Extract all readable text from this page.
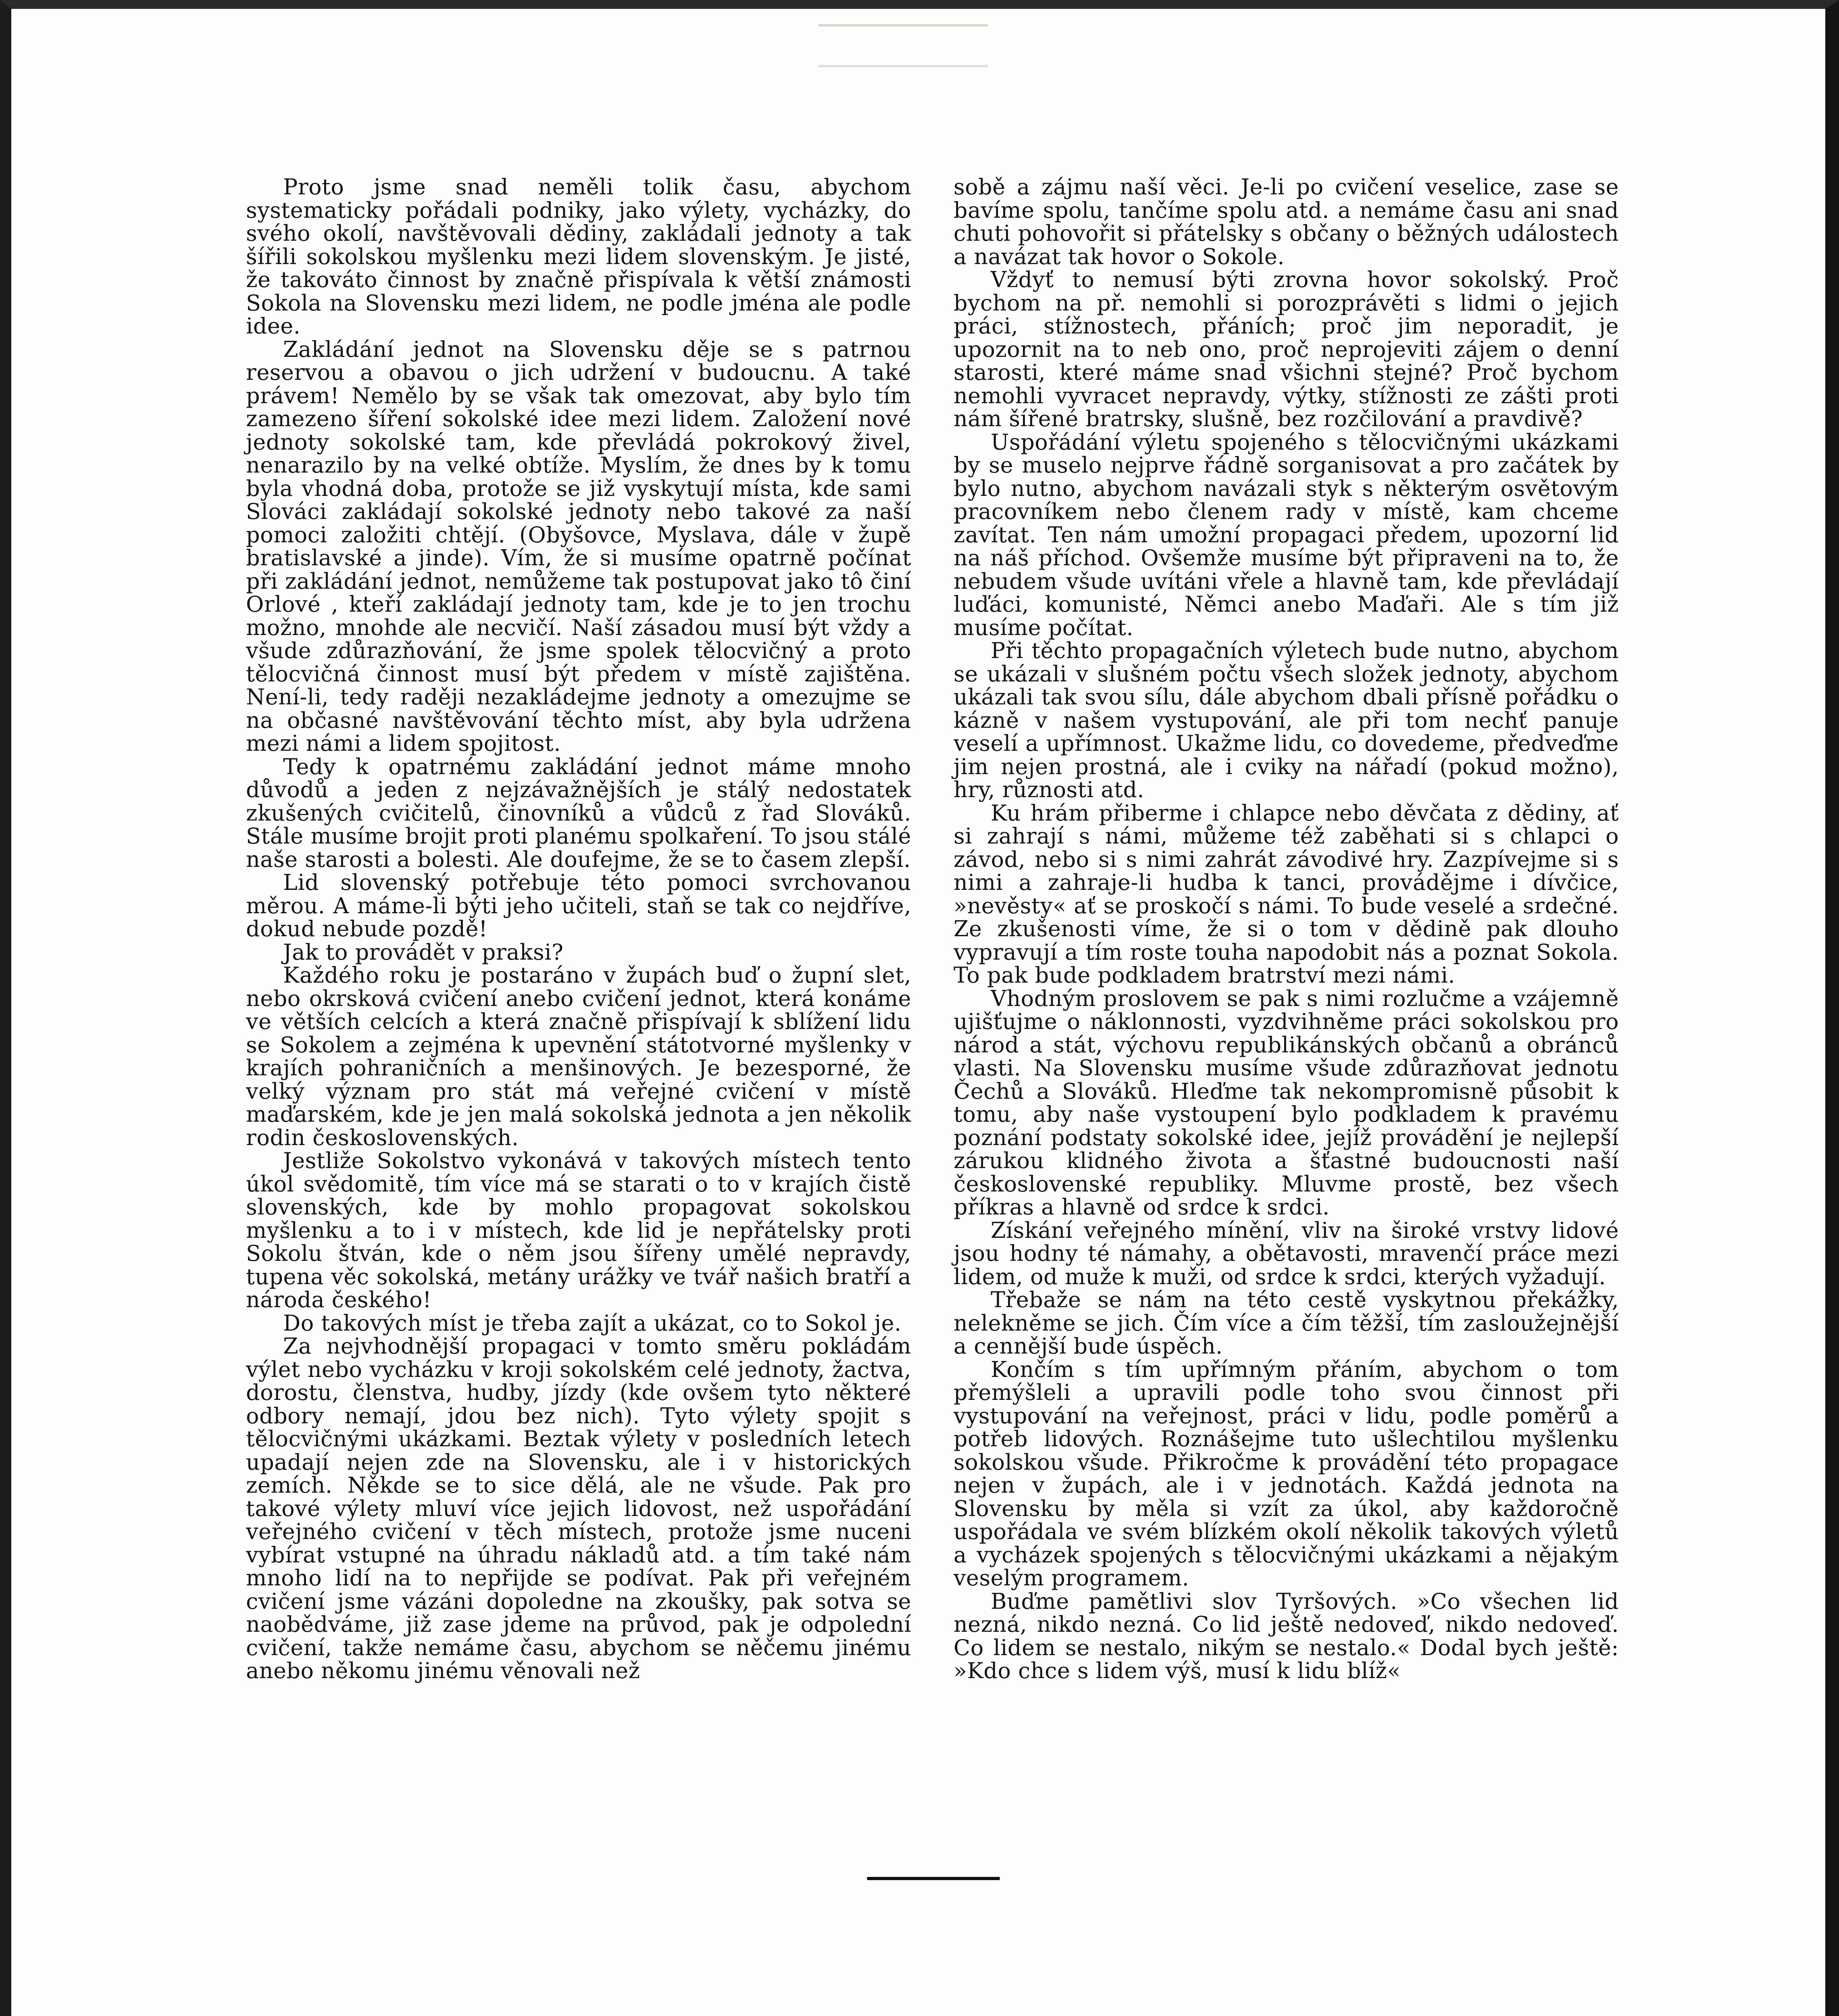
Proto jsme snad neměli tolik času, abychom systematicky pořádali podniky, jako výlety, vycházky, do svého okolí, navštěvovali dědiny, zakládali jednoty a tak šířili sokolskou myšlenku mezi lidem slovenským. Je jisté, že takováto činnost by značně přispívala k větší známosti Sokola na Slovensku mezi lidem, ne podle jména ale podle idee.

Zakládání jednot na Slovensku děje se s patrnou reservou a obavou o jich udržení v budoucnu. A také právem! Nemělo by se však tak omezovat, aby bylo tím zamezeno šíření sokolské idee mezi lidem. Založení nové jednoty sokolské tam, kde převládá pokrokový živel, nenarazilo by na velké obtíže. Myslím, že dnes by k tomu byla vhodná doba, protože se již vyskytují místa, kde sami Slováci zakládají sokolské jednoty nebo takové za naší pomoci založiti chtějí. (Obyšovce, Myslava, dále v župě bratislavské a jinde). Vím, že si musíme opatrně počínat při zakládání jednot, nemůžeme tak postupovat jako tô činí Orlové , kteří zakládají jednoty tam, kde je to jen trochu možno, mnohde ale necvičí. Naší zásadou musí být vždy a všude zdůrazňování, že jsme spolek tělocvičný a proto tělocvičná činnost musí být předem v místě zajištěna. Není-li, tedy raději nezakládejme jednoty a omezujme se na občasné navštěvování těchto míst, aby byla udržena mezi námi a lidem spojitost.

Tedy k opatrnému zakládání jednot máme mnoho důvodů a jeden z nejzávažnějších je stálý nedostatek zkušených cvičitelů, činovníků a vůdců z řad Slováků. Stále musíme brojit proti planému spolkaření. To jsou stálé naše starosti a bolesti. Ale doufejme, že se to časem zlepší.

Lid slovenský potřebuje této pomoci svrchovanou měrou. A máme-li býti jeho učiteli, staň se tak co nejdříve, dokud nebude pozdě!

Jak to provádět v praksi?

Každého roku je postaráno v župách buď o župní slet, nebo okrsková cvičení anebo cvičení jednot, která konáme ve větších celcích a která značně přispívají k sblížení lidu se Sokolem a zejména k upevnění státotvorné myšlenky v krajích pohraničních a menšinových. Je bezesporné, že velký význam pro stát má veřejné cvičení v místě maďarském, kde je jen malá sokolská jednota a jen několik rodin československých.

Jestliže Sokolstvo vykonává v takových místech tento úkol svědomitě, tím více má se starati o to v krajích čistě slovenských, kde by mohlo propagovat sokolskou myšlenku a to i v místech, kde lid je nepřátelsky proti Sokolu štván, kde o něm jsou šířeny umělé nepravdy, tupena věc sokolská, metány urážky ve tvář našich bratří a národa českého!

Do takových míst je třeba zajít a ukázat, co to Sokol je.

Za nejvhodnější propagaci v tomto směru pokládám výlet nebo vycházku v kroji sokolském celé jednoty, žactva, dorostu, členstva, hudby, jízdy (kde ovšem tyto některé odbory nemají, jdou bez nich). Tyto výlety spojit s tělocvičnými ukázkami. Beztak výlety v posledních letech upadají nejen zde na Slovensku, ale i v historických zemích. Někde se to sice dělá, ale ne všude. Pak pro takové výlety mluví více jejich lidovost, než uspořádání veřejného cvičení v těch místech, protože jsme nuceni vybírat vstupné na úhradu nákladů atd. a tím také nám mnoho lidí na to nepřijde se podívat. Pak při veřejném cvičení jsme vázáni dopoledne na zkoušky, pak sotva se naobědváme, již zase jdeme na průvod, pak je odpolední cvičení, takže nemáme času, abychom se něčemu jinému anebo někomu jinému věnovali než

sobě a zájmu naší věci. Je-li po cvičení veselice, zase se bavíme spolu, tančíme spolu atd. a nemáme času ani snad chuti pohovořit si přátelsky s občany o běžných událostech a navázat tak hovor o Sokole.

Vždyť to nemusí býti zrovna hovor sokolský. Proč bychom na př. nemohli si porozprávěti s lidmi o jejich práci, stížnostech, přáních; proč jim neporadit, je upozornit na to neb ono, proč neprojeviti zájem o denní starosti, které máme snad všichni stejné? Proč bychom nemohli vyvracet nepravdy, výtky, stížnosti ze zášti proti nám šířené bratrsky, slušně, bez rozčilování a pravdivě?

Uspořádání výletu spojeného s tělocvičnými ukázkami by se muselo nejprve řádně sorganisovat a pro začátek by bylo nutno, abychom navázali styk s některým osvětovým pracovníkem nebo členem rady v místě, kam chceme zavítat. Ten nám umožní propagaci předem, upozorní lid na náš příchod. Ovšemže musíme být připraveni na to, že nebudem všude uvítáni vřele a hlavně tam, kde převládají luďáci, komunisté, Němci anebo Maďaři. Ale s tím již musíme počítat.

Při těchto propagačních výletech bude nutno, abychom se ukázali v slušném počtu všech složek jednoty, abychom ukázali tak svou sílu, dále abychom dbali přísně pořádku o kázně v našem vystupování, ale při tom nechť panuje veselí a upřímnost. Ukažme lidu, co dovedeme, předveďme jim nejen prostná, ale i cviky na nářadí (pokud možno), hry, různosti atd.

Ku hrám přiberme i chlapce nebo děvčata z dědiny, ať si zahrají s námi, můžeme též zaběhati si s chlapci o závod, nebo si s nimi zahrát závodivé hry. Zazpívejme si s nimi a zahraje-li hudba k tanci, provádějme i dívčice, »nevěsty« ať se proskočí s námi. To bude veselé a srdečné. Ze zkušenosti víme, že si o tom v dědině pak dlouho vypravují a tím roste touha napodobit nás a poznat Sokola. To pak bude podkladem bratrství mezi námi.

Vhodným proslovem se pak s nimi rozlučme a vzájemně ujišťujme o náklonnosti, vyzdvihněme práci sokolskou pro národ a stát, výchovu republikánských občanů a obránců vlasti. Na Slovensku musíme všude zdůrazňovat jednotu Čechů a Slováků. Hleďme tak nekompromisně působit k tomu, aby naše vystoupení bylo podkladem k pravému poznání podstaty sokolské idee, jejíž provádění je nejlepší zárukou klidného života a šťastné budoucnosti naší československé republiky. Mluvme prostě, bez všech příkras a hlavně od srdce k srdci.

Získání veřejného mínění, vliv na široké vrstvy lidové jsou hodny té námahy, a obětavosti, mravenčí práce mezi lidem, od muže k muži, od srdce k srdci, kterých vyžadují.

Třebaže se nám na této cestě vyskytnou překážky, nelekněme se jich. Čím více a čím těžší, tím zasloužejnější a cennější bude úspěch.

Končím s tím upřímným přáním, abychom o tom přemýšleli a upravili podle toho svou činnost při vystupování na veřejnost, práci v lidu, podle poměrů a potřeb lidových. Roznášejme tuto ušlechtilou myšlenku sokolskou všude. Přikročme k provádění této propagace nejen v župách, ale i v jednotách. Každá jednota na Slovensku by měla si vzít za úkol, aby každoročně uspořádala ve svém blízkém okolí několik takových výletů a vycházek spojených s tělocvičnými ukázkami a nějakým veselým programem.

Buďme pamětlivi slov Tyršových. »Co všechen lid nezná, nikdo nezná. Co lid ještě nedoveď, nikdo nedoveď. Co lidem se nestalo, nikým se nestalo.« Dodal bych ještě: »Kdo chce s lidem výš, musí k lidu blíž«
